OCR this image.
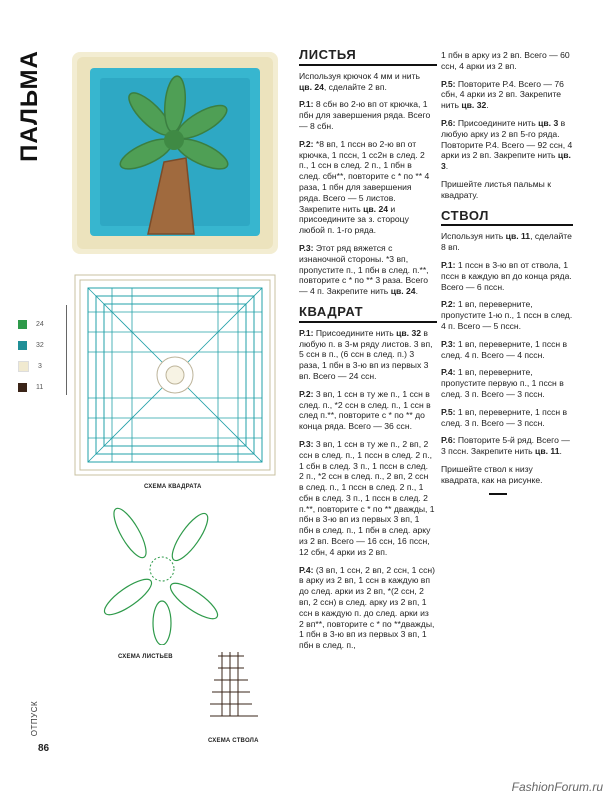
ПАЛЬМА
24
32
3
11
СХЕМА КВАДРАТА
СХЕМА ЛИСТЬЕВ
СХЕМА СТВОЛА
ОТПУСК
86
FashionForum.ru
ЛИСТЬЯ

Используя крючок 4 мм и нить цв. 24, сделайте 2 вп.

Р.1: 8 сбн во 2-ю вп от крючка, 1 пбн для завершения ряда. Всего — 8 сбн.

Р.2: *8 вп, 1 псcн во 2-ю вп от крючка, 1 псcн, 1 сс2н в след. 2 п., 1 ccн в след. 2 п., 1 пбн в след. сбн**, повторите с * по ** 4 раза, 1 пбн для завершения ряда. Всего — 5 листов. Закрепите нить цв. 24 и присоедините за з. стороцу любой п. 1-го ряда.

Р.3: Этот ряд вяжется с изнаночной стороны. *3 вп, пропустите п., 1 пбн в след. п.**, повторите с * по ** 3 раза. Всего — 4 п. Закрепите нить цв. 24.

КВАДРАТ

Р.1: Присоедините нить цв. 32 в любую п. в 3-м ряду листов. 3 вп, 5 ccн в п., (6 ccн в след. п.) 3 раза, 1 пбн в 3-ю вп из первых 3 вп. Всего — 24 ccн.

Р.2: 3 вп, 1 ccн в ту же п., 1 ccн в след. п., *2 ccн в след. п., 1 ccн в след п.**, повторите с * по ** до конца ряда. Всего — 36 ccн.

Р.3: 3 вп, 1 ccн в ту же п., 2 вп, 2 ccн в след. п., 1 псcн в след. 2 п., 1 сбн в след. 3 п., 1 псcн в след. 2 п., *2 ccн в след. п., 2 вп, 2 ccн в след. п., 1 псcн в след. 2 п., 1 сбн в след. 3 п., 1 псcн в след. 2 п.**, повторите с * по ** дважды, 1 пбн в 3-ю вп из первых 3 вп, 1 пбн в след. п., 1 пбн в след. арку из 2 вп. Всего — 16 ccн, 16 псcн, 12 сбн, 4 арки из 2 вп.

Р.4: (3 вп, 1 ccн, 2 вп, 2 ccн, 1 ccн) в арку из 2 вп, 1 ccн в каждую вп до след. арки из 2 вп, *(2 ccн, 2 вп, 2 ccн) в след. арку из 2 вп, 1 ccн в каждую п. до след. арки из 2 вп**, повторите с * по **дважды, 1 пбн в 3-ю вп из первых 3 вп, 1 пбн в след. п.,

1 пбн в арку из 2 вп. Всего — 60 ccн, 4 арки из 2 вп.

Р.5: Повторите Р.4. Всего — 76 сбн, 4 арки из 2 вп. Закрепите нить цв. 32.

Р.6: Присоедините нить цв. 3 в любую арку из 2 вп 5-го ряда. Повторите Р.4. Всего — 92 ccн, 4 арки из 2 вп. Закрепите нить цв. 3.

Пришейте листья пальмы к квадрату.

СТВОЛ

Используя нить цв. 11, сделайте 8 вп.

Р.1: 1 псcн в 3-ю вп от ствола, 1 псcн в каждую вп до конца ряда. Всего — 6 псcн.

Р.2: 1 вп, переверните, пропустите 1-ю п., 1 псcн в след. 4 п. Всего — 5 псcн.

Р.3: 1 вп, переверните, 1 псcн в след. 4 п. Всего — 4 псcн.

Р.4: 1 вп, переверните, пропустите первую п., 1 псcн в след. 3 п. Всего — 3 псcн.

Р.5: 1 вп, переверните, 1 псcн в след. 3 п. Всего — 3 псcн.

Р.6: Повторите 5-й ряд. Всего — 3 псcн. Закрепите нить цв. 11.

Пришейте ствол к низу квадрата, как на рисунке.
